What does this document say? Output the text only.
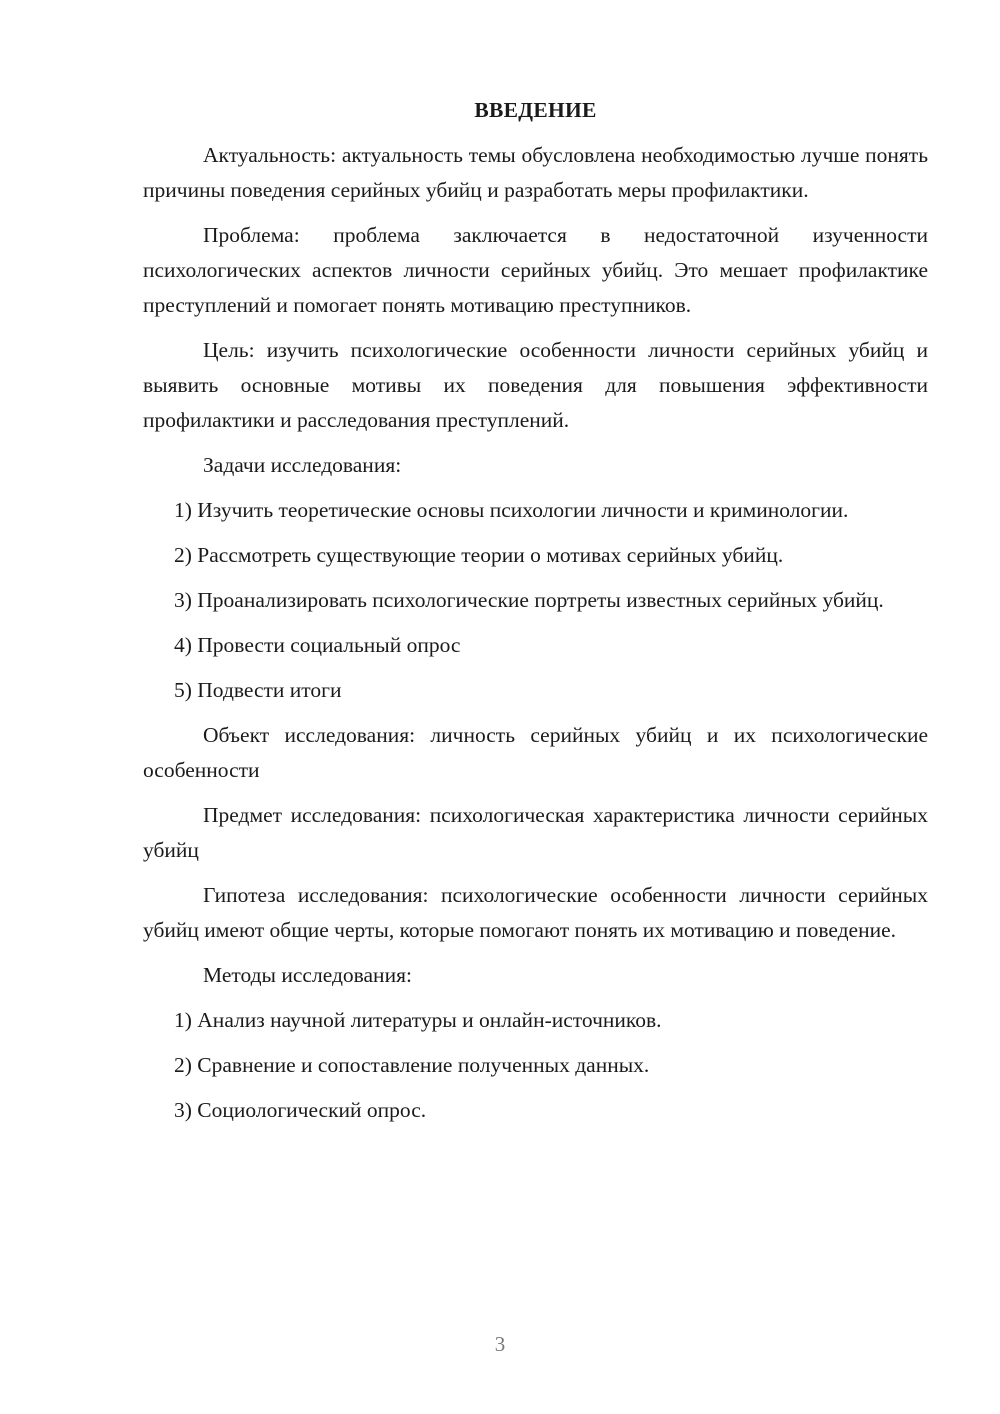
ВВЕДЕНИЕ

Актуальность: актуальность темы обусловлена необходимостью лучше понять причины поведения серийных убийц и разработать меры профилактики.

Проблема: проблема заключается в недостаточной изученности психологических аспектов личности серийных убийц. Это мешает профилактике преступлений и помогает понять мотивацию преступников.

Цель: изучить психологические особенности личности серийных убийц и выявить основные мотивы их поведения для повышения эффективности профилактики и расследования преступлений.

Задачи исследования:

1) Изучить теоретические основы психологии личности и криминологии.

2) Рассмотреть существующие теории о мотивах серийных убийц.

3) Проанализировать психологические портреты известных серийных убийц.

4) Провести социальный опрос

5) Подвести итоги

Объект исследования: личность серийных убийц и их психологические особенности

Предмет исследования: психологическая характеристика личности серийных убийц

Гипотеза исследования: психологические особенности личности серийных убийц имеют общие черты, которые помогают понять их мотивацию и поведение.

Методы исследования:

1) Анализ научной литературы и онлайн-источников.

2) Сравнение и сопоставление полученных данных.

3) Социологический опрос.

3
